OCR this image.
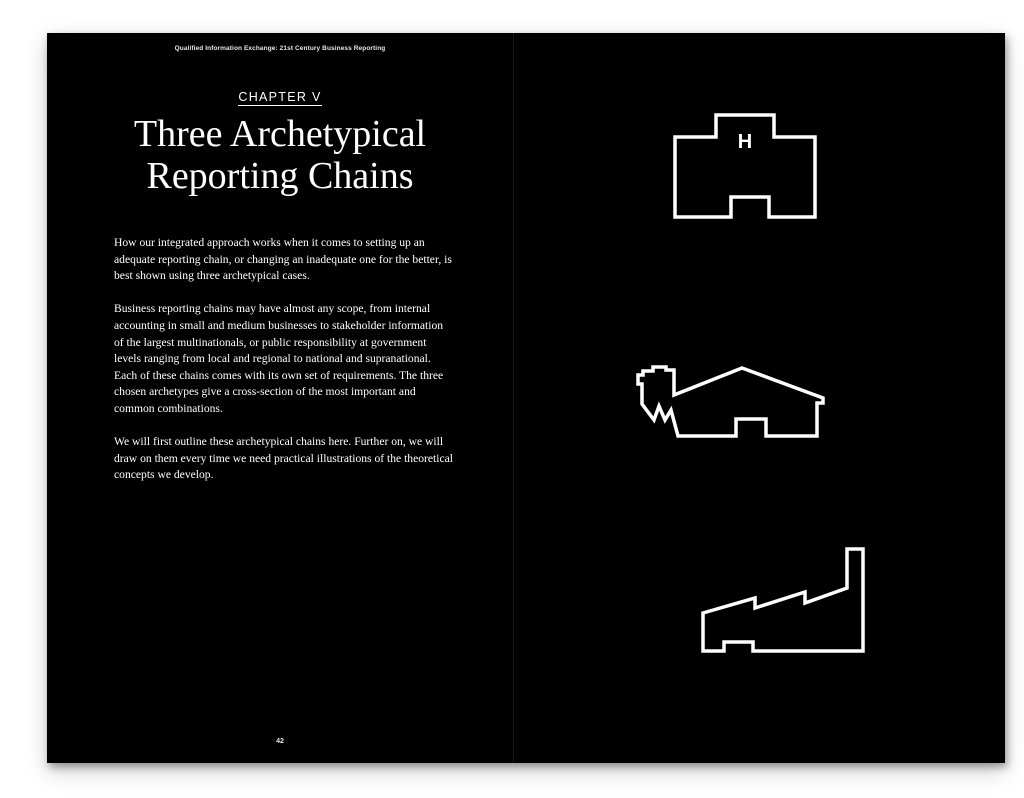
Qualified Information Exchange: 21st Century Business Reporting
CHAPTER V
Three Archetypical
Reporting Chains

How our integrated approach works when it comes to setting up an adequate reporting chain, or changing an inadequate one for the better, is best shown using three archetypical cases.

Business reporting chains may have almost any scope, from internal accounting in small and medium businesses to stakeholder information of the largest multinationals, or public responsibility at government levels ranging from local and regional to national and supranational. Each of these chains comes with its own set of requirements. The three chosen archetypes give a cross-section of the most important and common combinations.

We will first outline these archetypical chains here. Further on, we will draw on them every time we need practical illustrations of the theoretical concepts we develop.

42
H
